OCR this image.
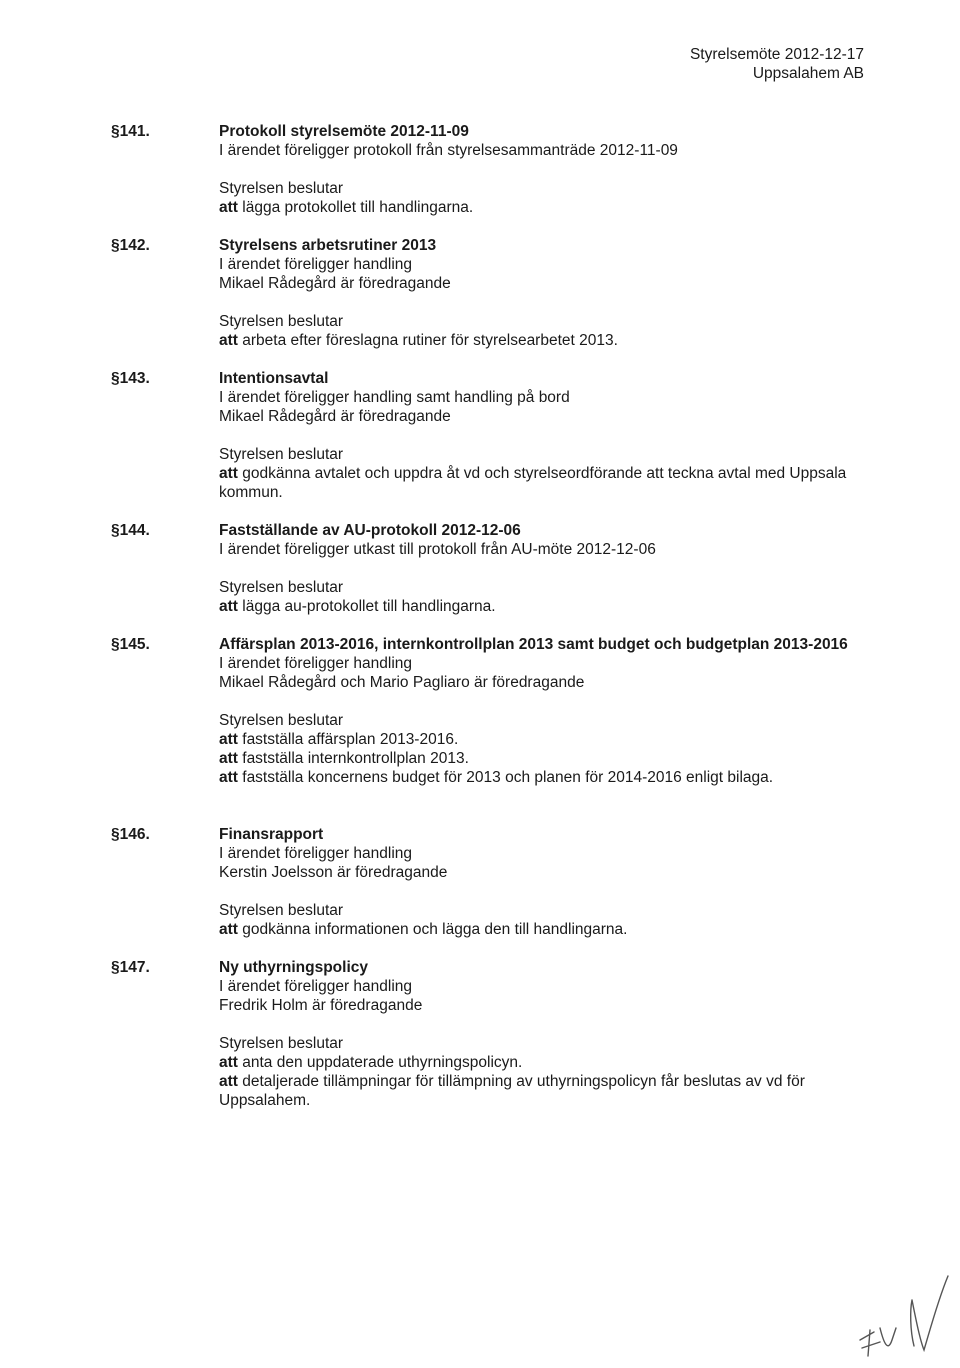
Styrelsemöte 2012-12-17
Uppsalahem AB
§141.	Protokoll styrelsemöte 2012-11-09
I ärendet föreligger protokoll från styrelsesammanträde 2012-11-09
Styrelsen beslutar
att lägga protokollet till handlingarna.
§142.	Styrelsens arbetsrutiner 2013
I ärendet föreligger handling
Mikael Rådegård är föredragande
Styrelsen beslutar
att arbeta efter föreslagna rutiner för styrelsearbetet 2013.
§143.	Intentionsavtal
I ärendet föreligger handling samt handling på bord
Mikael Rådegård är föredragande
Styrelsen beslutar
att godkänna avtalet och uppdra åt vd och styrelseordförande att teckna avtal med Uppsala kommun.
§144.	Fastställande av AU-protokoll 2012-12-06
I ärendet föreligger utkast till protokoll från AU-möte 2012-12-06
Styrelsen beslutar
att lägga au-protokollet till handlingarna.
§145.	Affärsplan 2013-2016, internkontrollplan 2013 samt budget och budgetplan 2013-2016
I ärendet föreligger handling
Mikael Rådegård och Mario Pagliaro är föredragande
Styrelsen beslutar
att fastställa affärsplan 2013-2016.
att fastställa internkontrollplan 2013.
att fastställa koncernens budget för 2013 och planen för 2014-2016 enligt bilaga.
§146.	Finansrapport
I ärendet föreligger handling
Kerstin Joelsson är föredragande
Styrelsen beslutar
att godkänna informationen och lägga den till handlingarna.
§147.	Ny uthyrningspolicy
I ärendet föreligger handling
Fredrik Holm är föredragande
Styrelsen beslutar
att anta den uppdaterade uthyrningspolicyn.
att detaljerade tillämpningar för tillämpning av uthyrningspolicyn får beslutas av vd för Uppsalahem.
